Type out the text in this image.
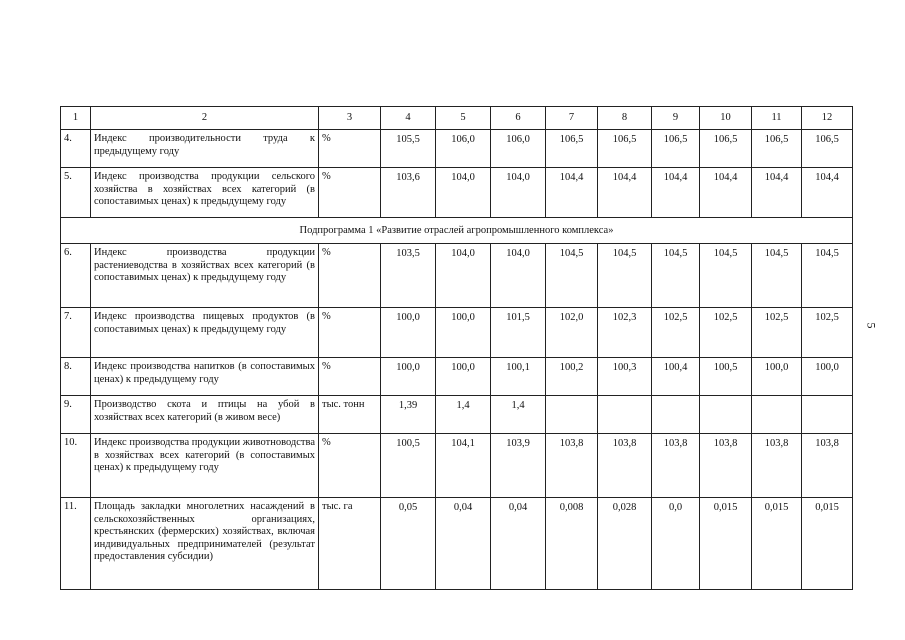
5
1	2	3	4	5	6	7	8	9	10	11	12
4.	Индекс производительности труда к предыдущему году	%	105,5	106,0	106,0	106,5	106,5	106,5	106,5	106,5	106,5
5.	Индекс производства продукции сельского хозяйства в хозяйствах всех категорий (в сопоставимых ценах) к предыдущему году	%	103,6	104,0	104,0	104,4	104,4	104,4	104,4	104,4	104,4
Подпрограмма 1 «Развитие отраслей агропромышленного комплекса»											
6.	Индекс производства продукции растениеводства в хозяйствах всех категорий (в сопоставимых ценах) к предыдущему году	%	103,5	104,0	104,0	104,5	104,5	104,5	104,5	104,5	104,5
7.	Индекс производства пищевых продуктов (в сопоставимых ценах) к предыдущему году	%	100,0	100,0	101,5	102,0	102,3	102,5	102,5	102,5	102,5
8.	Индекс производства напитков (в сопоставимых ценах) к предыдущему году	%	100,0	100,0	100,1	100,2	100,3	100,4	100,5	100,0	100,0
9.	Производство скота и птицы на убой в хозяйствах всех категорий (в живом весе)	тыс. тонн	1,39	1,4	1,4						
10.	Индекс производства продукции животноводства в хозяйствах всех категорий (в сопоставимых ценах) к предыдущему году	%	100,5	104,1	103,9	103,8	103,8	103,8	103,8	103,8	103,8
11.	Площадь закладки многолетних насаждений в сельскохозяйственных организациях, крестьянских (фермерских) хозяйствах, включая индивидуальных предпринимателей (результат предоставления субсидии)	тыс. га	0,05	0,04	0,04	0,008	0,028	0,0	0,015	0,015	0,015
